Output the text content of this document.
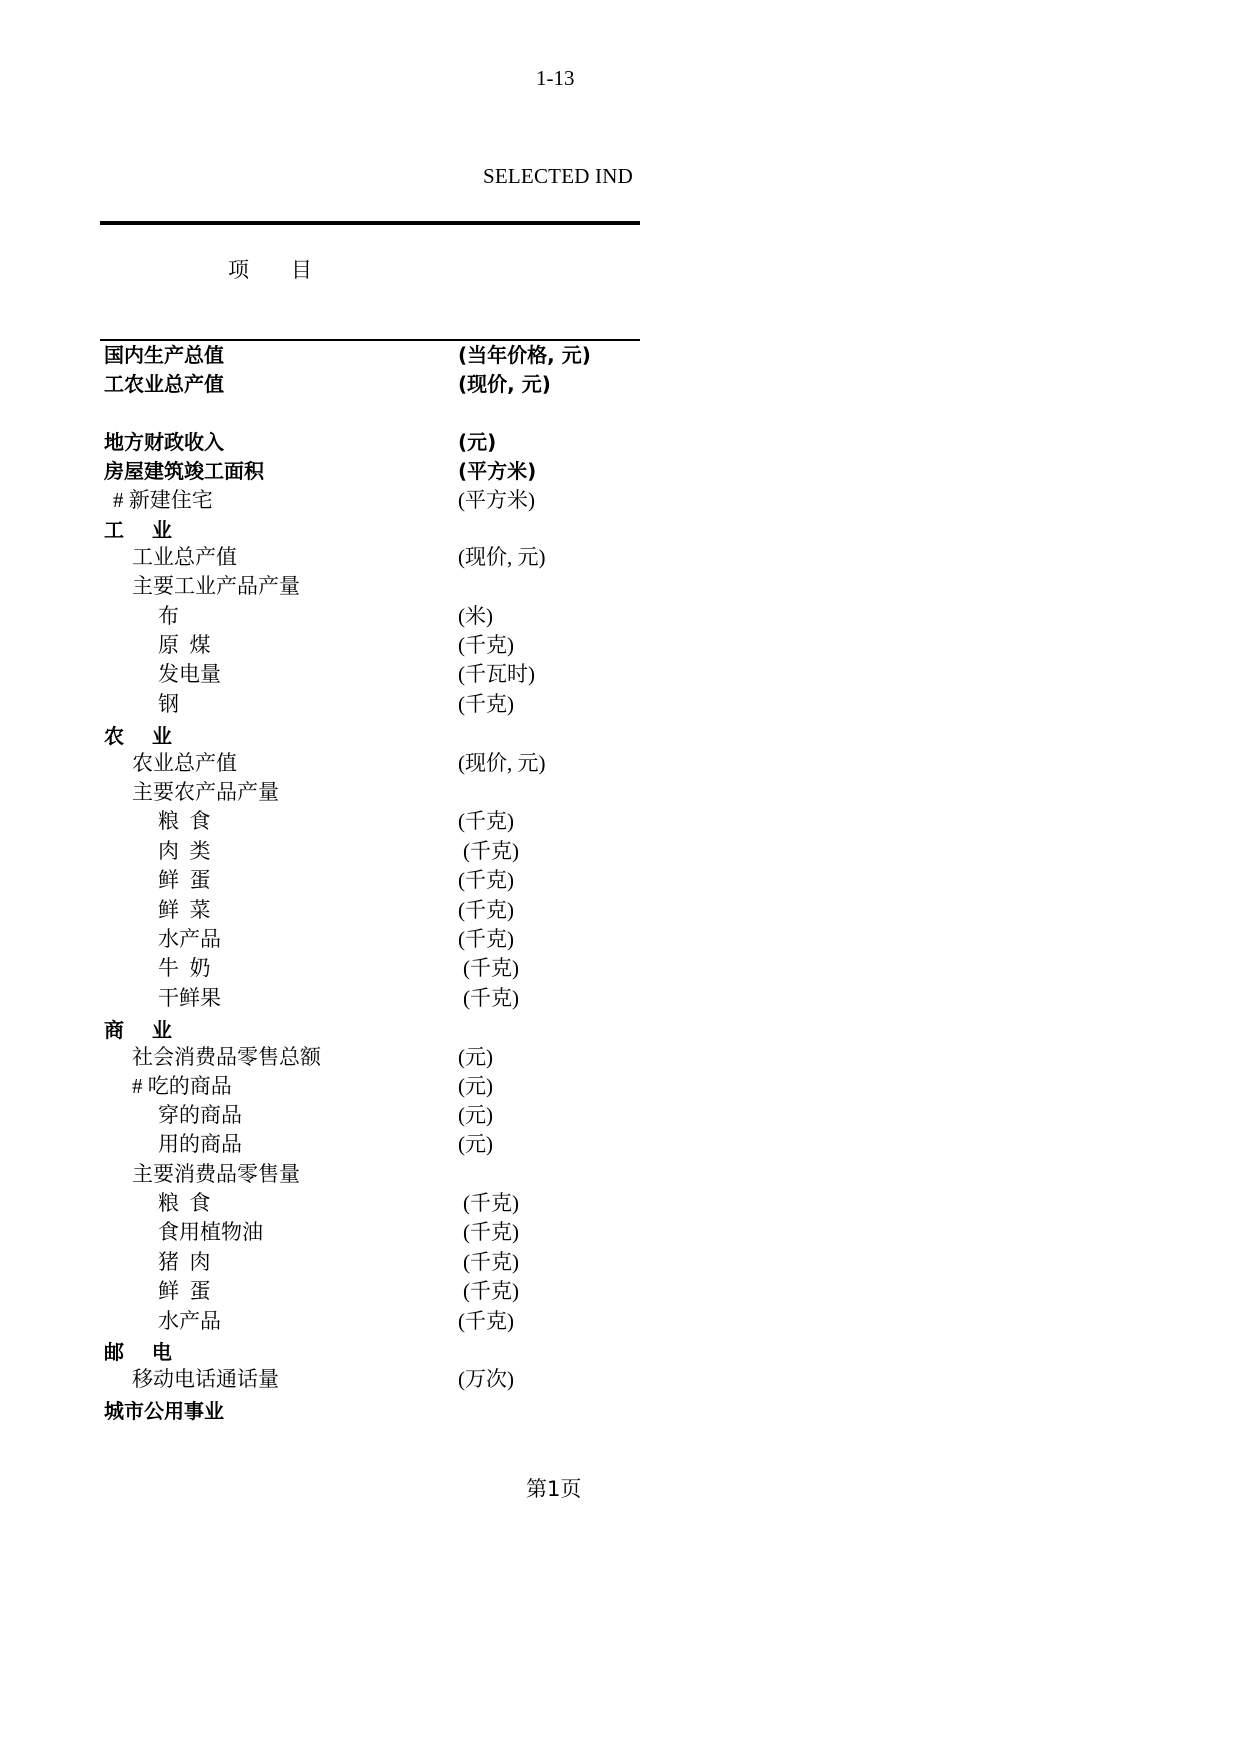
1-13
SELECTED IND
项        目
国内生产总值	(当年价格, 元)
工农业总产值	(现价, 元)
地方财政收入	(元)
房屋建筑竣工面积	(平方米)
# 新建住宅	(平方米)
工    业
工业总产值	(现价, 元)
主要工业产品产量
布	(米)
原  煤	(千克)
发电量	(千瓦时)
钢	(千克)
农    业
农业总产值	(现价, 元)
主要农产品产量
粮  食	(千克)
肉  类	(千克)
鲜  蛋	(千克)
鲜  菜	(千克)
水产品	(千克)
牛  奶	(千克)
干鲜果	(千克)
商    业
社会消费品零售总额	(元)
# 吃的商品	(元)
穿的商品	(元)
用的商品	(元)
主要消费品零售量
粮  食	(千克)
食用植物油	(千克)
猪  肉	(千克)
鲜  蛋	(千克)
水产品	(千克)
邮    电
移动电话通话量	(万次)
城市公用事业
第1页
